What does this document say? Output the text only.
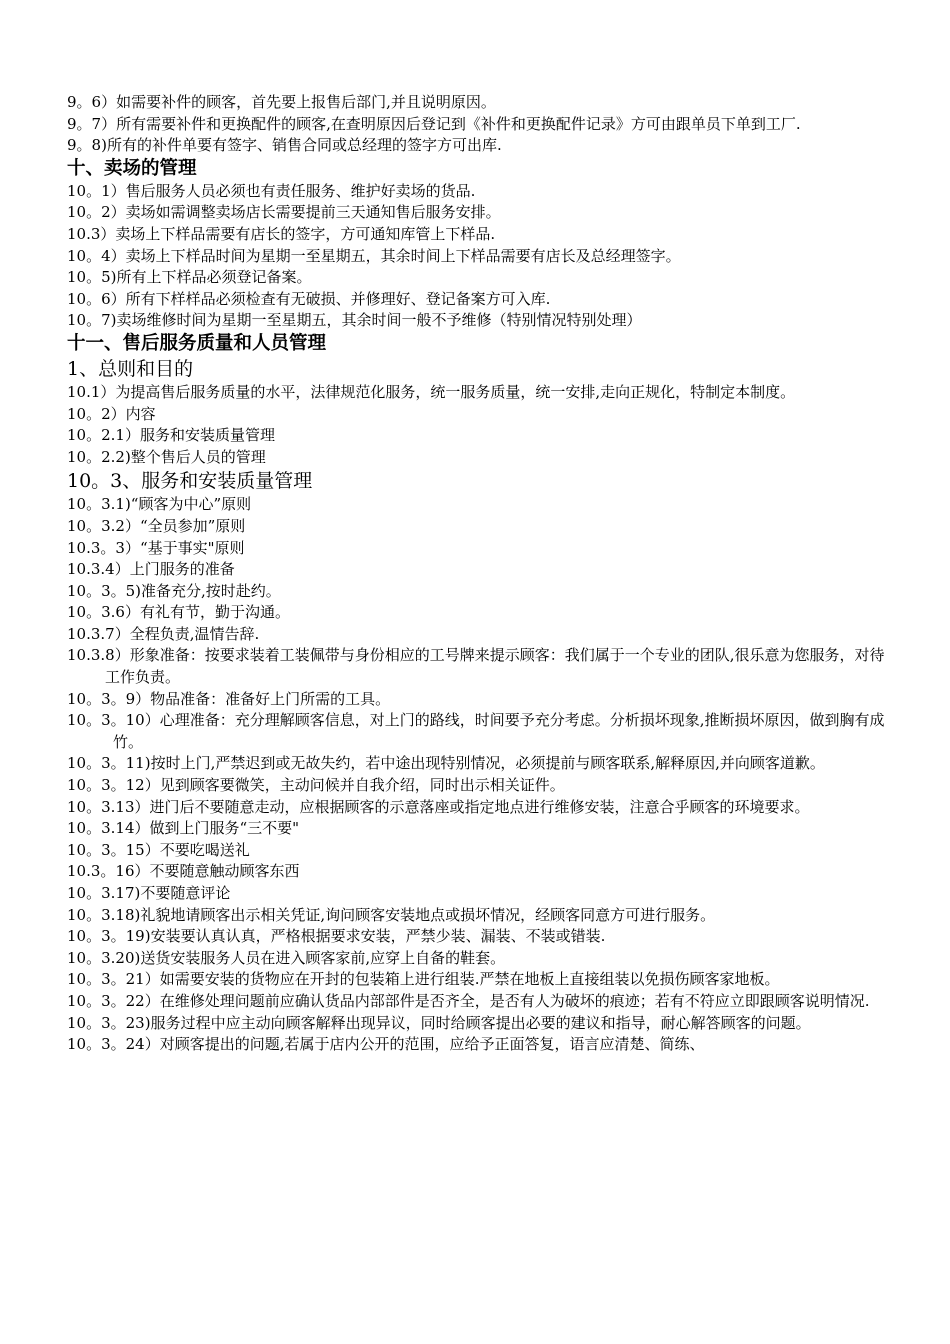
9。6）如需要补件的顾客，首先要上报售后部门,并且说明原因。
9。7）所有需要补件和更换配件的顾客,在查明原因后登记到《补件和更换配件记录》方可由跟单员下单到工厂.
9。8)所有的补件单要有签字、销售合同或总经理的签字方可出库.
十、卖场的管理
10。1）售后服务人员必须也有责任服务、维护好卖场的货品.
10。2）卖场如需调整卖场店长需要提前三天通知售后服务安排。
10.3）卖场上下样品需要有店长的签字，方可通知库管上下样品.
10。4）卖场上下样品时间为星期一至星期五，其余时间上下样品需要有店长及总经理签字。
10。5)所有上下样品必须登记备案。
10。6）所有下样样品必须检查有无破损、并修理好、登记备案方可入库.
10。7)卖场维修时间为星期一至星期五，其余时间一般不予维修（特别情况特别处理）
十一、售后服务质量和人员管理
1、总则和目的
10.1）为提高售后服务质量的水平，法律规范化服务，统一服务质量，统一安排,走向正规化，特制定本制度。
10。2）内容
10。2.1）服务和安装质量管理
10。2.2)整个售后人员的管理
10。3、服务和安装质量管理
10。3.1)“顾客为中心”原则
10。3.2）“全员参加”原则
10.3。3）“基于事实"原则
10.3.4）上门服务的准备
10。3。5)准备充分,按时赴约。
10。3.6）有礼有节，勤于沟通。
10.3.7）全程负责,温情告辞.
10.3.8）形象准备：按要求装着工装佩带与身份相应的工号牌来提示顾客：我们属于一个专业的团队,很乐意为您服务，对待工作负责。
10。3。9）物品准备：准备好上门所需的工具。
10。3。10）心理准备：充分理解顾客信息，对上门的路线，时间要予充分考虑。分析损坏现象,推断损坏原因，做到胸有成竹。
10。3。11)按时上门,严禁迟到或无故失约，若中途出现特别情况，必须提前与顾客联系,解释原因,并向顾客道歉。
10。3。12）见到顾客要微笑，主动问候并自我介绍，同时出示相关证件。
10。3.13）进门后不要随意走动，应根据顾客的示意落座或指定地点进行维修安装，注意合乎顾客的环境要求。
10。3.14）做到上门服务“三不要"
10。3。15）不要吃喝送礼
10.3。16）不要随意触动顾客东西
10。3.17)不要随意评论
10。3.18)礼貌地请顾客出示相关凭证,询问顾客安装地点或损坏情况，经顾客同意方可进行服务。
10。3。19)安装要认真认真，严格根据要求安装，严禁少装、漏装、不装或错装.
10。3.20)送货安装服务人员在进入顾客家前,应穿上自备的鞋套。
10。3。21）如需要安装的货物应在开封的包装箱上进行组装.严禁在地板上直接组装以免损伤顾客家地板。
10。3。22）在维修处理问题前应确认货品内部部件是否齐全，是否有人为破坏的痕迹；若有不符应立即跟顾客说明情况.
10。3。23)服务过程中应主动向顾客解释出现异议，同时给顾客提出必要的建议和指导，耐心解答顾客的问题。
10。3。24）对顾客提出的问题,若属于店内公开的范围，应给予正面答复，语言应清楚、简练、
